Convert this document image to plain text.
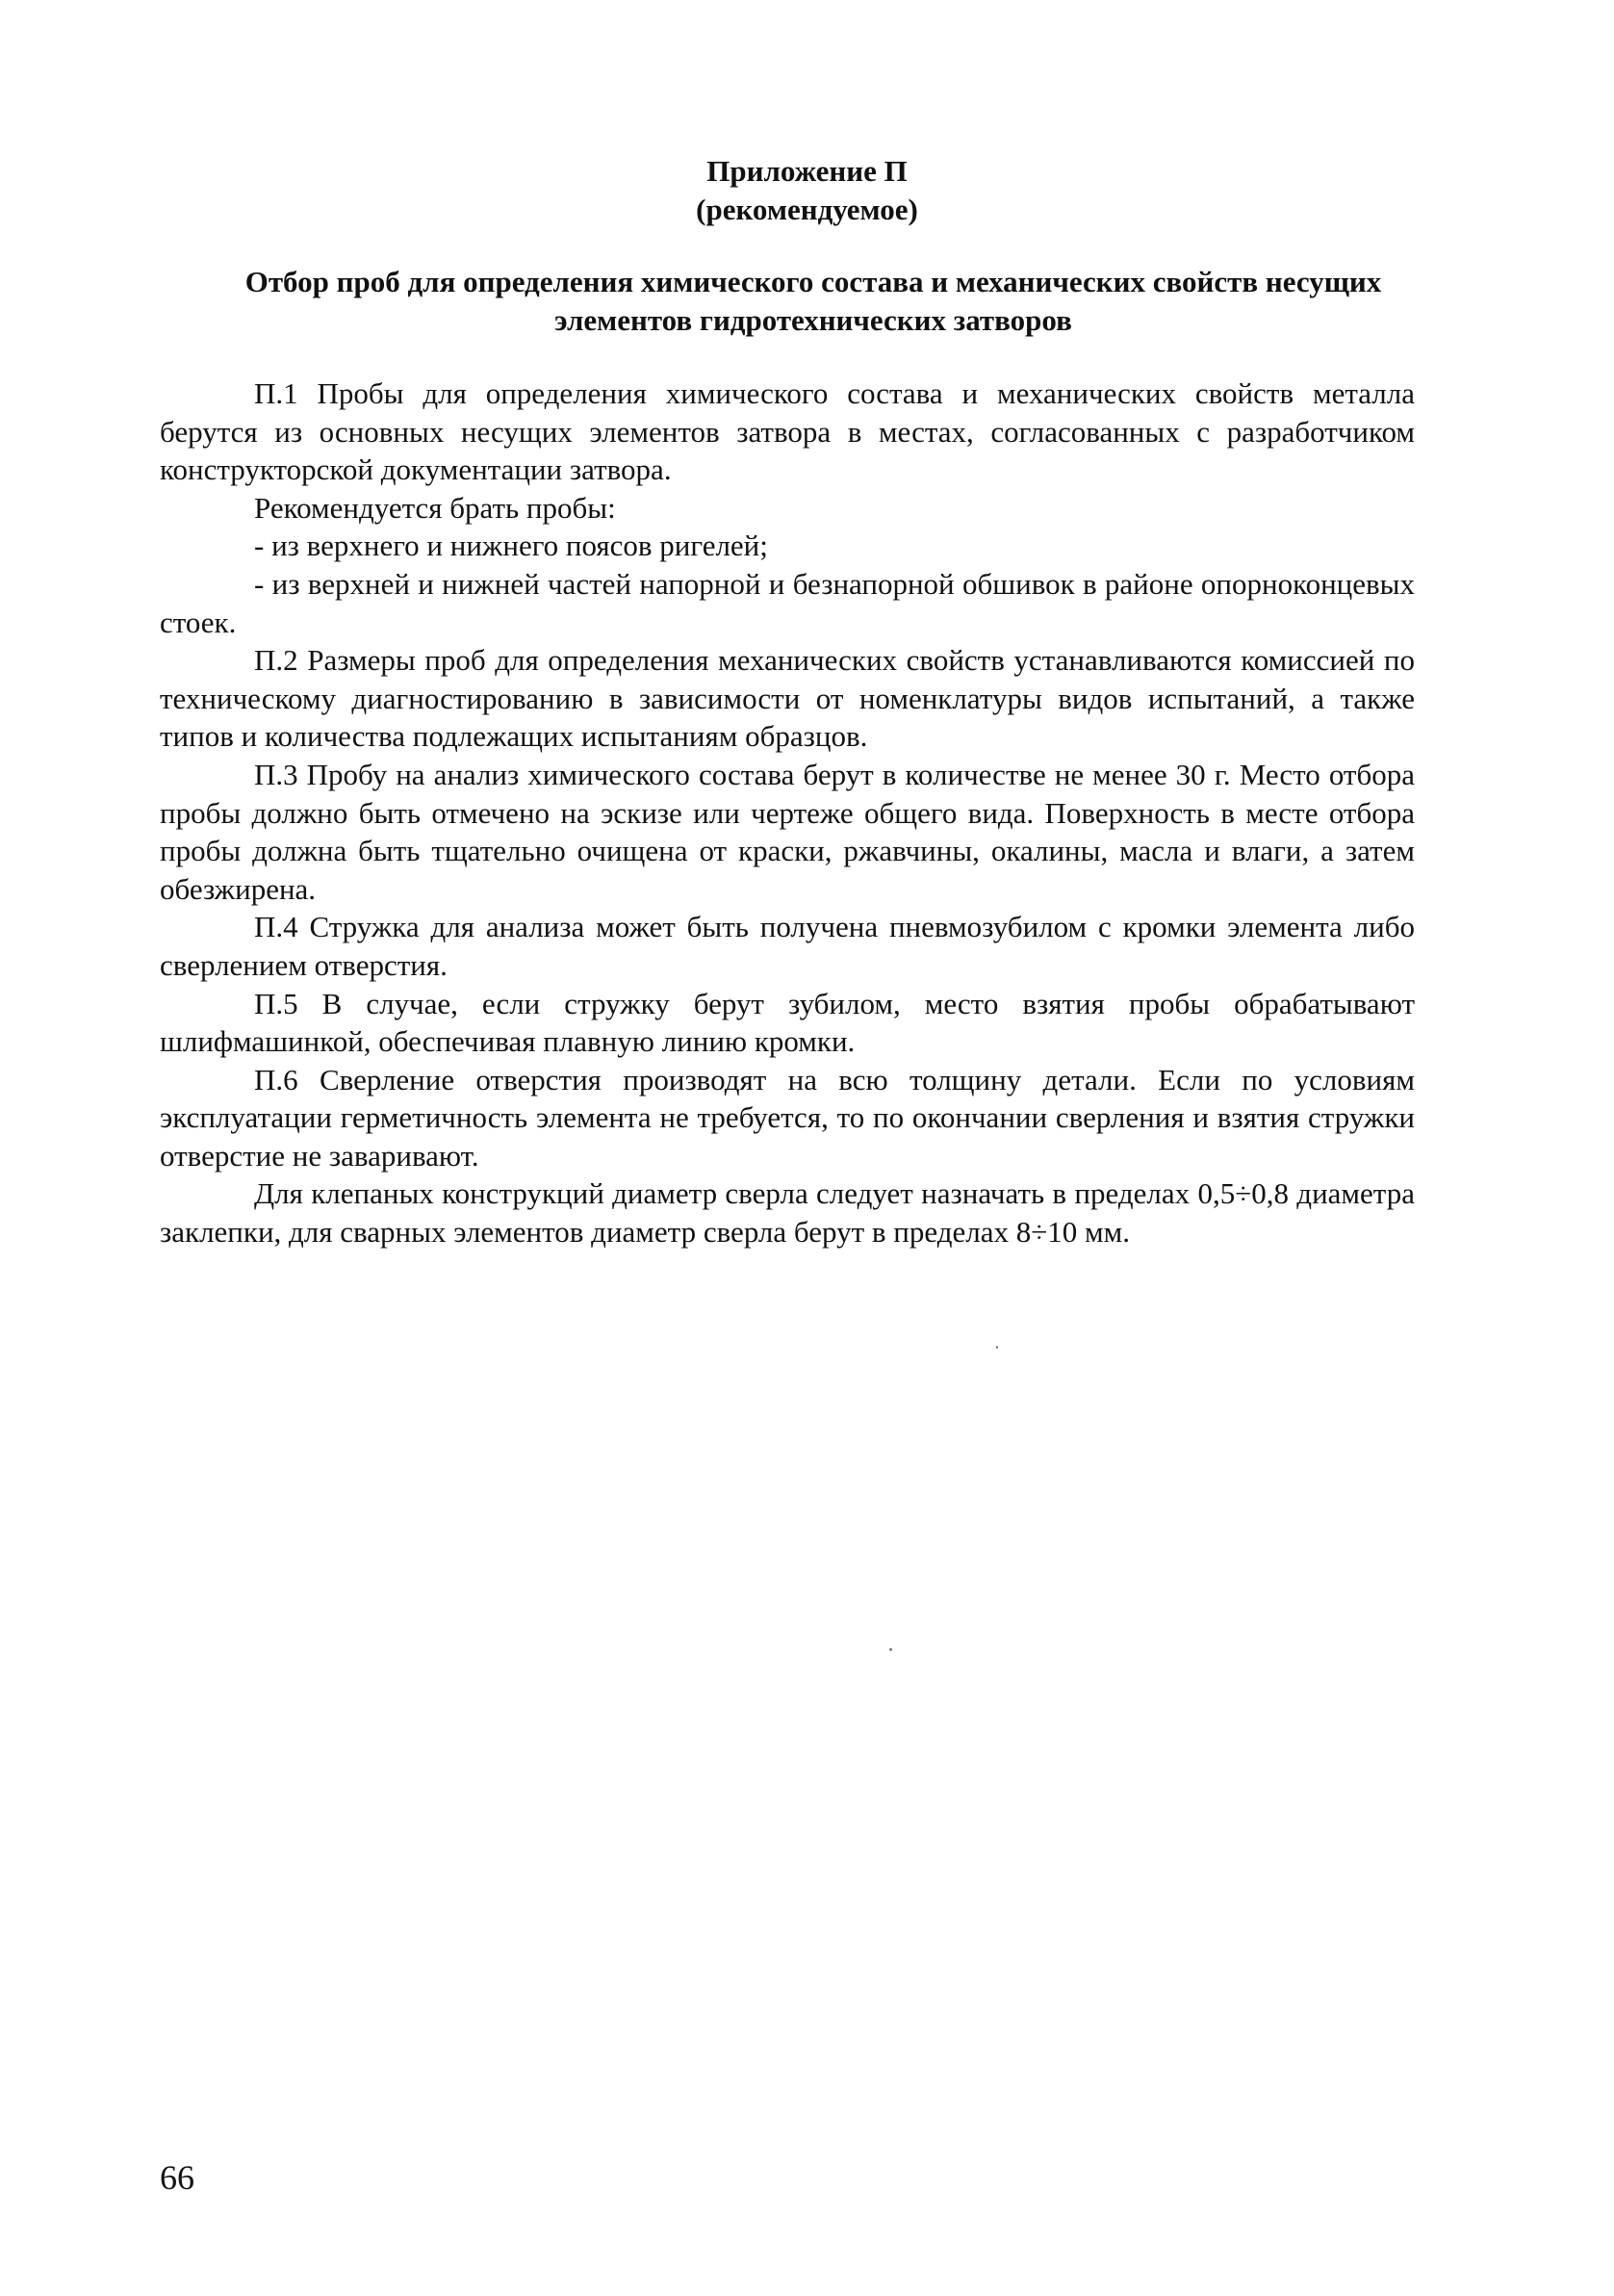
Приложение П

(рекомендуемое)

Отбор проб для определения химического состава и механических свойств несущих элементов гидротехнических затворов

П.1 Пробы для определения химического состава и механических свойств металла берутся из основных несущих элементов затвора в местах, согласованных с разработчиком конструкторской документации затвора.

Рекомендуется брать пробы:

- из верхнего и нижнего поясов ригелей;

- из верхней и нижней частей напорной и безнапорной обшивок в районе опорноконцевых стоек.

П.2 Размеры проб для определения механических свойств устанавливаются комиссией по техническому диагностированию в зависимости от номенклатуры видов испытаний, а также типов и количества подлежащих испытаниям образцов.

П.3 Пробу на анализ химического состава берут в количестве не менее 30 г. Место отбора пробы должно быть отмечено на эскизе или чертеже общего вида. Поверхность в месте отбора пробы должна быть тщательно очищена от краски, ржавчины, окалины, масла и влаги, а затем обезжирена.

П.4 Стружка для анализа может быть получена пневмозубилом с кромки элемента либо сверлением отверстия.

П.5 В случае, если стружку берут зубилом, место взятия пробы обрабатывают шлифмашинкой, обеспечивая плавную линию кромки.

П.6 Сверление отверстия производят на всю толщину детали. Если по условиям эксплуатации герметичность элемента не требуется, то по окончании сверления и взятия стружки отверстие не заваривают.

Для клепаных конструкций диаметр сверла следует назначать в пределах 0,5÷0,8 диаметра заклепки, для сварных элементов диаметр сверла берут в пределах 8÷10 мм.

66
